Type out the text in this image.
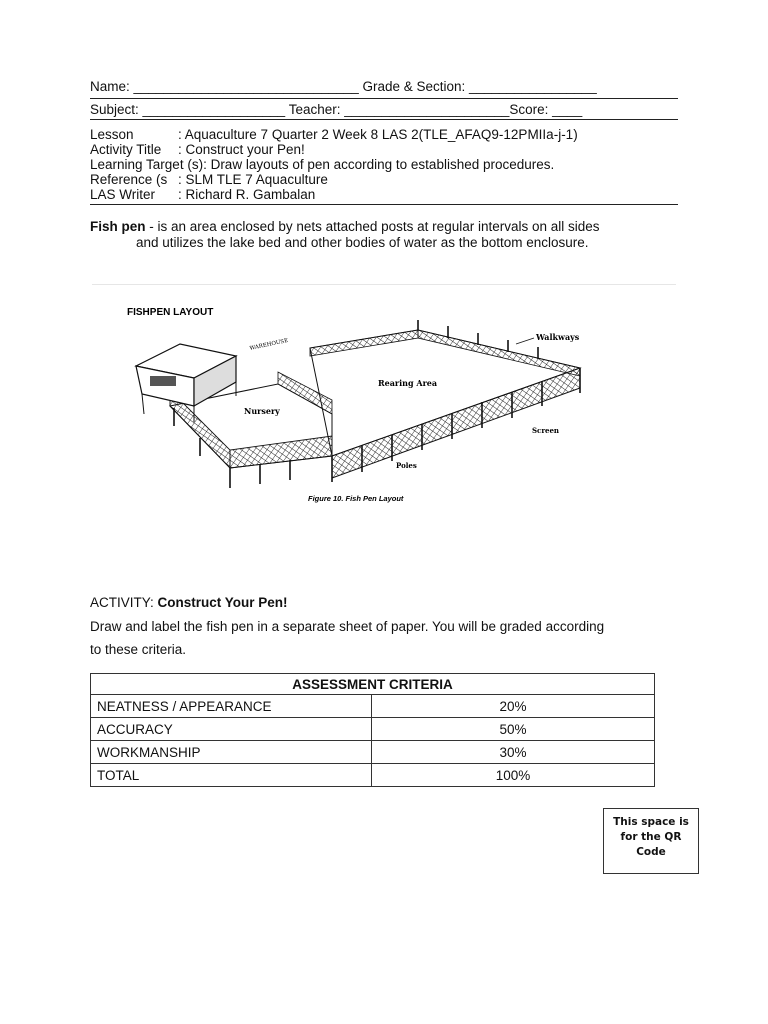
Name: ______________________________ Grade & Section: _________________
Subject: ___________________ Teacher: ______________________Score: ____
Lesson	: Aquaculture 7 Quarter 2 Week 8 LAS 2(TLE_AFAQ9-12PMIIa-j-1)
Activity Title	: Construct your Pen!
Learning Target (s) : Draw layouts of pen according to established procedures.
Reference (s : SLM TLE 7 Aquaculture
LAS Writer	: Richard R. Gambalan
Fish pen - is an area enclosed by nets attached posts at regular intervals on all sides
and utilizes the lake bed and other bodies of water as the bottom enclosure.
FISHPEN LAYOUT
WAREHOUSE
Rearing Area
Nursery
Walkways
Screen
Poles
Figure 10. Fish Pen Layout
ACTIVITY: Construct Your Pen!
Draw and label the fish pen in a separate sheet of paper. You will be graded according
to these criteria.
ASSESSMENT CRITERIA	
NEATNESS / APPEARANCE	20%
ACCURACY	50%
WORKMANSHIP	30%
TOTAL	100%
This space is
for the QR
Code
